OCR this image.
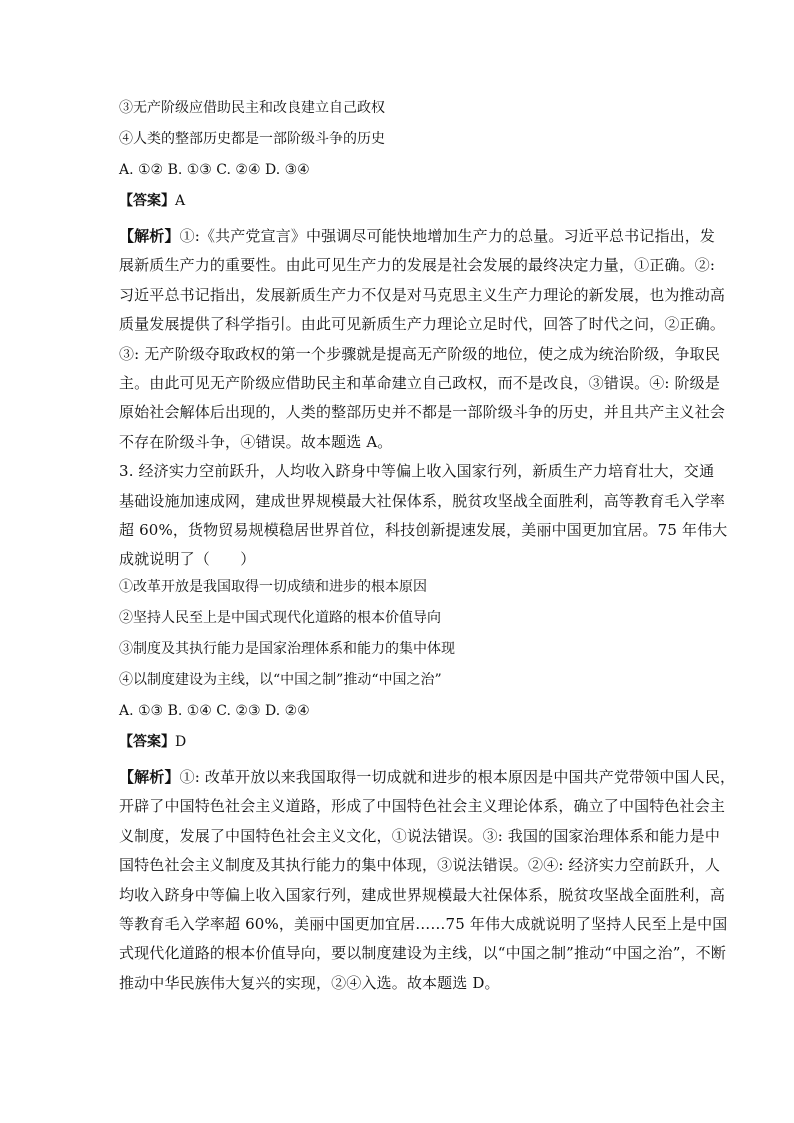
③无产阶级应借助民主和改良建立自己政权
④人类的整部历史都是一部阶级斗争的历史
A. ①② B. ①③ C. ②④ D. ③④
【答案】A

【解析】①:《共产党宣言》中强调尽可能快地增加生产力的总量。习近平总书记指出，发

展新质生产力的重要性。由此可见生产力的发展是社会发展的最终决定力量，①正确。②:

习近平总书记指出，发展新质生产力不仅是对马克思主义生产力理论的新发展，也为推动高

质量发展提供了科学指引。由此可见新质生产力理论立足时代，回答了时代之问，②正确。

③: 无产阶级夺取政权的第一个步骤就是提高无产阶级的地位，使之成为统治阶级，争取民

主。由此可见无产阶级应借助民主和革命建立自己政权，而不是改良，③错误。④: 阶级是

原始社会解体后出现的，人类的整部历史并不都是一部阶级斗争的历史，并且共产主义社会

不存在阶级斗争，④错误。故本题选 A。

3. 经济实力空前跃升，人均收入跻身中等偏上收入国家行列，新质生产力培育壮大，交通

基础设施加速成网，建成世界规模最大社保体系，脱贫攻坚战全面胜利，高等教育毛入学率

超 60%，货物贸易规模稳居世界首位，科技创新提速发展，美丽中国更加宜居。75 年伟大

成就说明了（　　）

①改革开放是我国取得一切成绩和进步的根本原因
②坚持人民至上是中国式现代化道路的根本价值导向
③制度及其执行能力是国家治理体系和能力的集中体现
④以制度建设为主线，以“中国之制”推动“中国之治”
A. ①③ B. ①④ C. ②③ D. ②④
【答案】D

【解析】①: 改革开放以来我国取得一切成就和进步的根本原因是中国共产党带领中国人民，

开辟了中国特色社会主义道路，形成了中国特色社会主义理论体系，确立了中国特色社会主

义制度，发展了中国特色社会主义文化，①说法错误。③: 我国的国家治理体系和能力是中

国特色社会主义制度及其执行能力的集中体现，③说法错误。②④: 经济实力空前跃升，人

均收入跻身中等偏上收入国家行列，建成世界规模最大社保体系，脱贫攻坚战全面胜利，高

等教育毛入学率超 60%，美丽中国更加宜居……75 年伟大成就说明了坚持人民至上是中国

式现代化道路的根本价值导向，要以制度建设为主线，以“中国之制”推动“中国之治”，不断

推动中华民族伟大复兴的实现，②④入选。故本题选 D。
